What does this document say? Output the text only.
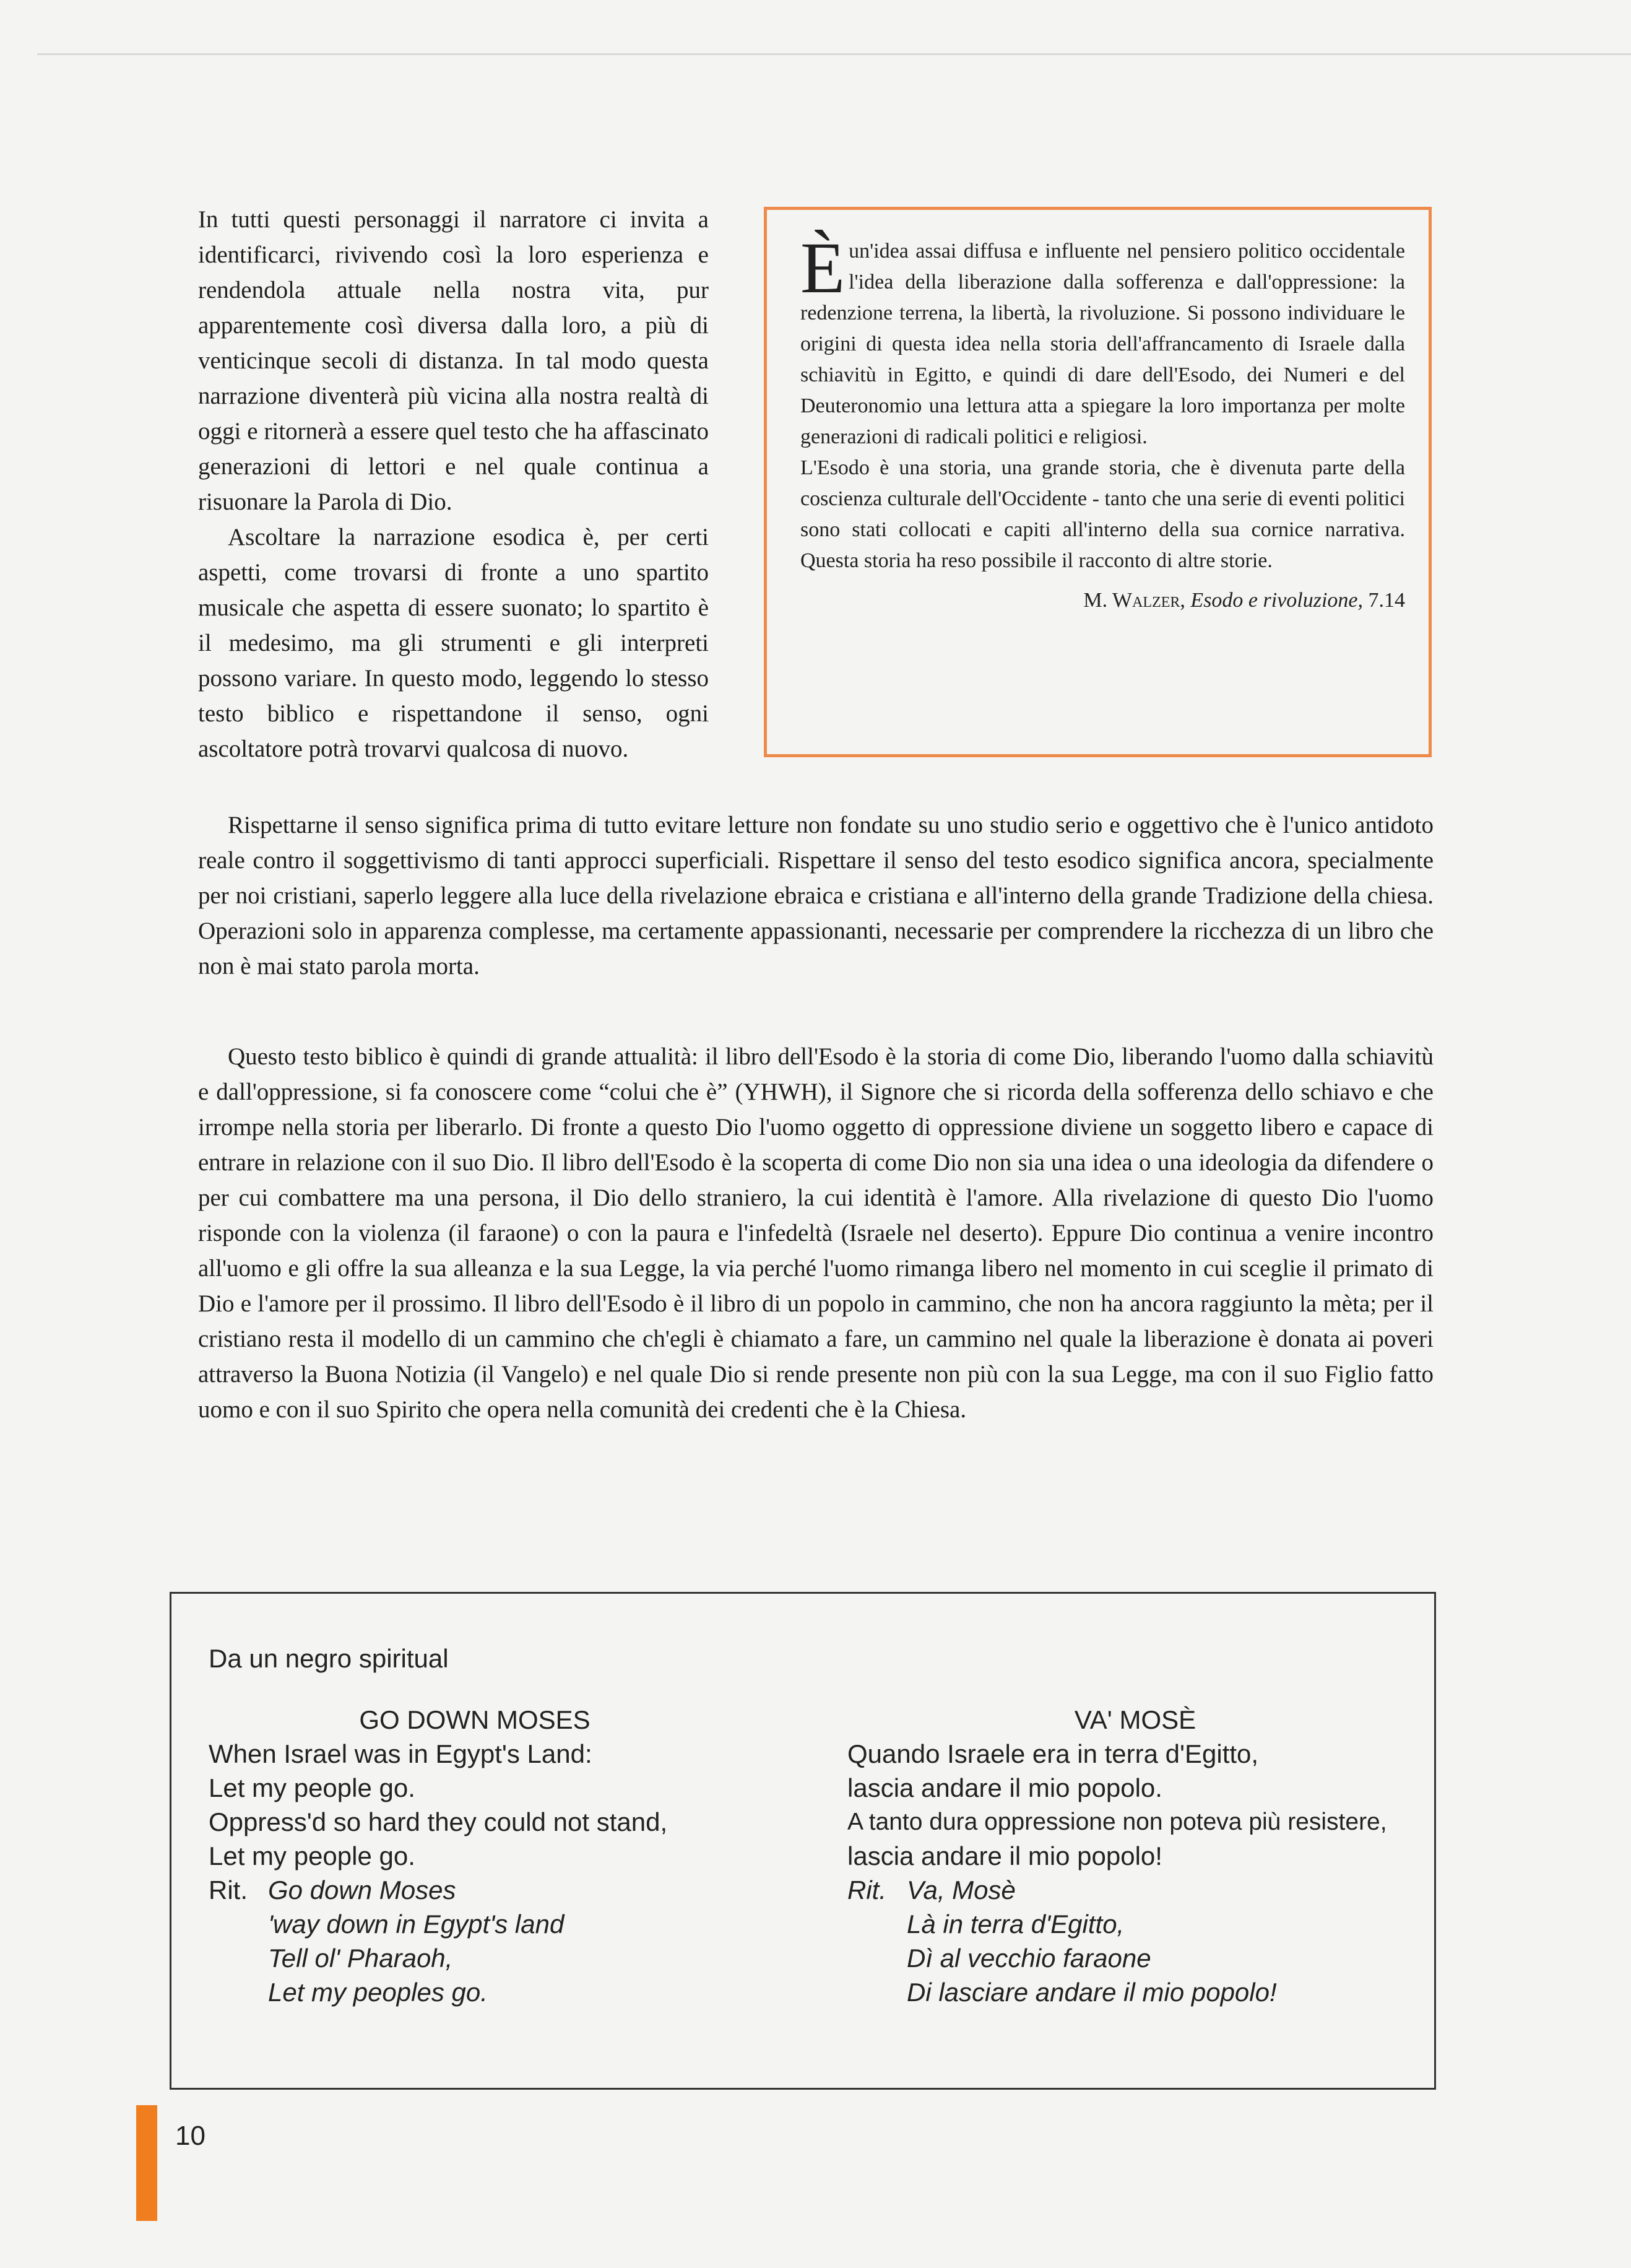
In tutti questi personaggi il narratore ci invita a identificarci, rivivendo così la loro esperienza e rendendola attuale nella nostra vita, pur apparentemente così diversa dalla loro, a più di venticinque secoli di distanza. In tal modo questa narrazione diventerà più vicina alla nostra realtà di oggi e ritornerà a essere quel testo che ha affascinato generazioni di lettori e nel quale continua a risuonare la Parola di Dio.

Ascoltare la narrazione esodica è, per certi aspetti, come trovarsi di fronte a uno spartito musicale che aspetta di essere suonato; lo spartito è il medesimo, ma gli strumenti e gli interpreti possono variare. In questo modo, leggendo lo stesso testo biblico e rispettandone il senso, ogni ascoltatore potrà trovarvi qualcosa di nuovo.

Èun'idea assai diffusa e influente nel pensiero politico occidentale l'idea della liberazione dalla sofferenza e dall'oppressione: la redenzione terrena, la libertà, la rivoluzione. Si possono individuare le origini di questa idea nella storia dell'affrancamento di Israele dalla schiavitù in Egitto, e quindi di dare dell'Esodo, dei Numeri e del Deuteronomio una lettura atta a spiegare la loro importanza per molte generazioni di radicali politici e religiosi.

L'Esodo è una storia, una grande storia, che è divenuta parte della coscienza culturale dell'Occidente - tanto che una serie di eventi politici sono stati collocati e capiti all'interno della sua cornice narrativa. Questa storia ha reso possibile il racconto di altre storie.

M. Walzer, Esodo e rivoluzione, 7.14

Rispettarne il senso significa prima di tutto evitare letture non fondate su uno studio serio e oggettivo che è l'unico antidoto reale contro il soggettivismo di tanti approcci superficiali. Rispettare il senso del testo esodico significa ancora, specialmente per noi cristiani, saperlo leggere alla luce della rivelazione ebraica e cristiana e all'interno della grande Tradizione della chiesa. Operazioni solo in apparenza complesse, ma certamente appassionanti, necessarie per comprendere la ricchezza di un libro che non è mai stato parola morta.

Questo testo biblico è quindi di grande attualità: il libro dell'Esodo è la storia di come Dio, liberando l'uomo dalla schiavitù e dall'oppressione, si fa conoscere come “colui che è” (YHWH), il Signore che si ricorda della sofferenza dello schiavo e che irrompe nella storia per liberarlo. Di fronte a questo Dio l'uomo oggetto di oppressione diviene un soggetto libero e capace di entrare in relazione con il suo Dio. Il libro dell'Esodo è la scoperta di come Dio non sia una idea o una ideologia da difendere o per cui combattere ma una persona, il Dio dello straniero, la cui identità è l'amore. Alla rivelazione di questo Dio l'uomo risponde con la violenza (il faraone) o con la paura e l'infedeltà (Israele nel deserto). Eppure Dio continua a venire incontro all'uomo e gli offre la sua alleanza e la sua Legge, la via perché l'uomo rimanga libero nel momento in cui sceglie il primato di Dio e l'amore per il prossimo. Il libro dell'Esodo è il libro di un popolo in cammino, che non ha ancora raggiunto la mèta; per il cristiano resta il modello di un cammino che ch'egli è chiamato a fare, un cammino nel quale la liberazione è donata ai poveri attraverso la Buona Notizia (il Vangelo) e nel quale Dio si rende presente non più con la sua Legge, ma con il suo Figlio fatto uomo e con il suo Spirito che opera nella comunità dei credenti che è la Chiesa.

Da un negro spiritual
GO DOWN MOSES
When Israel was in Egypt's Land:
Let my people go.
Oppress'd so hard they could not stand,
Let my people go.
Rit. Go down Moses
'way down in Egypt's land
Tell ol' Pharaoh,
Let my peoples go.
VA' MOSÈ
Quando Israele era in terra d'Egitto,
lascia andare il mio popolo.
A tanto dura oppressione non poteva più resistere,
lascia andare il mio popolo!
Rit. Va, Mosè
Là in terra d'Egitto,
Dì al vecchio faraone
Di lasciare andare il mio popolo!
10
